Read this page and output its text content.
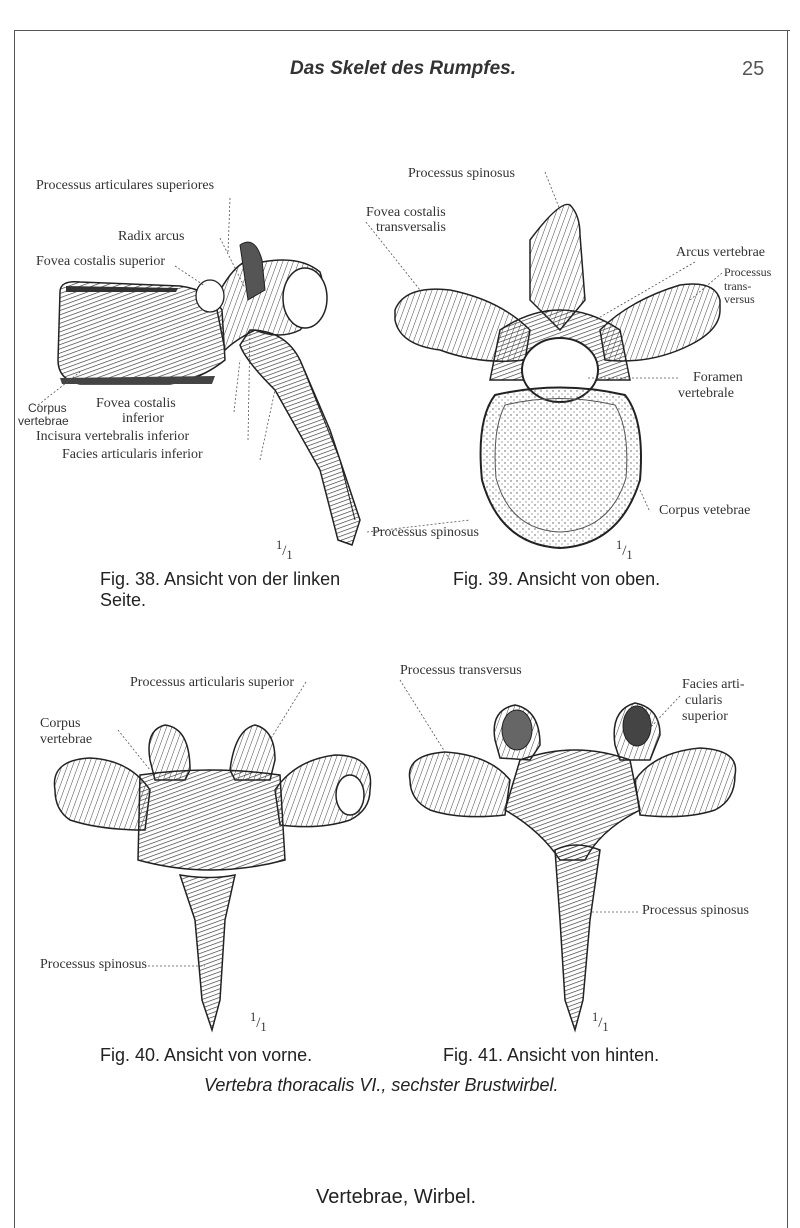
Das Skelet des Rumpfes.	25
Processus articulares superiores
Radix arcus
Fovea costalis superior
Corpus
vertebrae
Fovea costalis
inferior
Incisura vertebralis inferior
Facies articularis inferior
$^1/_1$
Fig. 38. Ansicht von der linken
Seite.
Processus spinosus
Fovea costalis
transversalis
Arcus vertebrae
Processus
trans-
versus
Foramen
vertebrale
Corpus vetebrae
Processus spinosus
$^1/_1$
Fig. 39. Ansicht von oben.
Processus articularis superior
Corpus
vertebrae
Processus spinosus
$^1/_1$
Fig. 40. Ansicht von vorne.
Processus transversus
Facies arti-
cularis
superior
Processus spinosus
$^1/_1$
Fig. 41. Ansicht von hinten.
Vertebra thoracalis VI., sechster Brustwirbel.
Vertebrae, Wirbel.
